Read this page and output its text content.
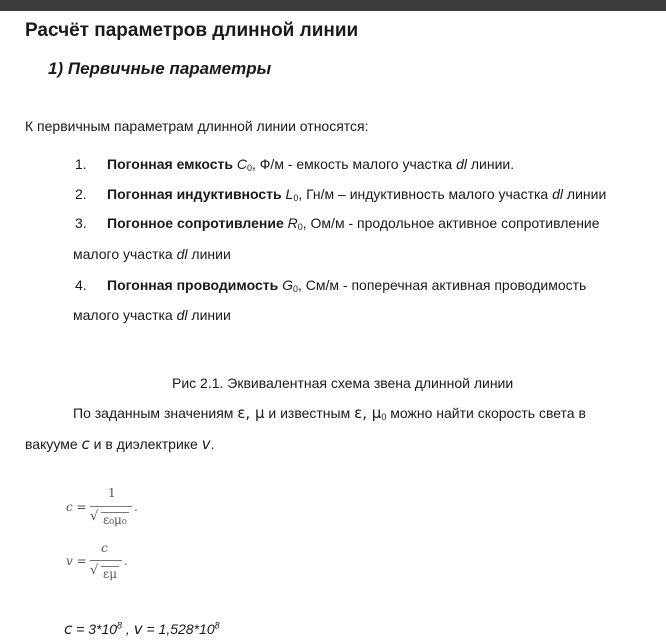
Расчёт параметров длинной линии
1) Первичные параметры
К первичным параметрам длинной линии относятся:
1. Погонная емкость $C_0$, Ф/м - емкость малого участка dl линии.
2. Погонная индуктивность $L_0$, Гн/м – индуктивность малого участка dl линии
3. Погонное сопротивление $R_0$, Ом/м - продольное активное сопротивление
малого участка dl линии
4. Погонная проводимость $G_0$, См/м - поперечная активная проводимость
малого участка dl линии
Рис 2.1. Эквивалентная схема звена длинной линии
По заданным значениям ε, μ и известным ε, $\mu_0$ можно найти скорость света в
вакууме c и в диэлектрике v.
c =
1
√ ε₀μ₀
.
v =
c
√ εμ
.
$c = 3*10^8$ , $v = 1,528*10^8$
